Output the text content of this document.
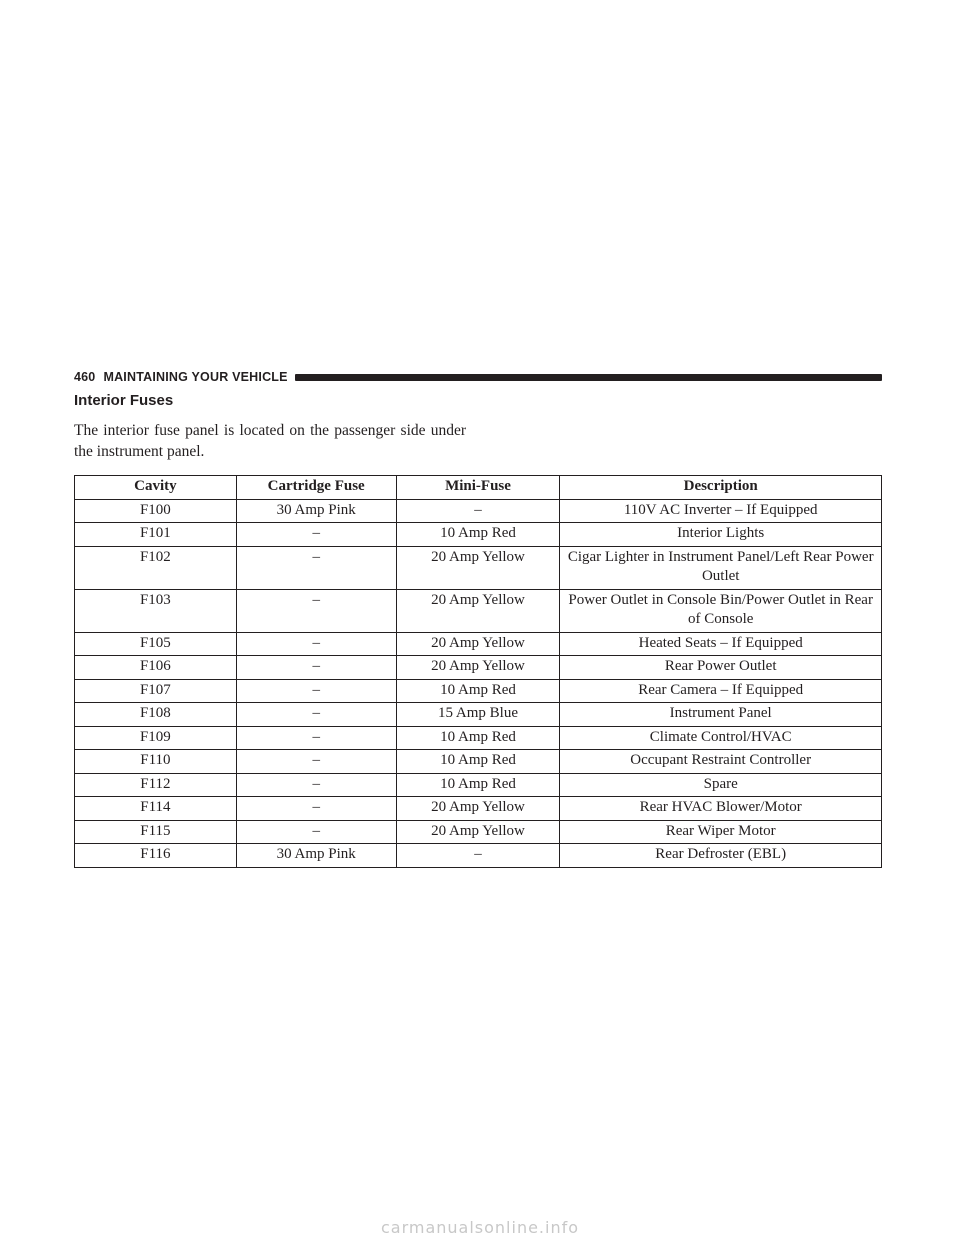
460 MAINTAINING YOUR VEHICLE
Interior Fuses

The interior fuse panel is located on the passenger side under the instrument panel.

Cavity	Cartridge Fuse	Mini-Fuse	Description
F100	30 Amp Pink	–	110V AC Inverter – If Equipped
F101	–	10 Amp Red	Interior Lights
F102	–	20 Amp Yellow	Cigar Lighter in Instrument Panel/Left Rear Power Outlet
F103	–	20 Amp Yellow	Power Outlet in Console Bin/Power Outlet in Rear of Console
F105	–	20 Amp Yellow	Heated Seats – If Equipped
F106	–	20 Amp Yellow	Rear Power Outlet
F107	–	10 Amp Red	Rear Camera – If Equipped
F108	–	15 Amp Blue	Instrument Panel
F109	–	10 Amp Red	Climate Control/HVAC
F110	–	10 Amp Red	Occupant Restraint Controller
F112	–	10 Amp Red	Spare
F114	–	20 Amp Yellow	Rear HVAC Blower/Motor
F115	–	20 Amp Yellow	Rear Wiper Motor
F116	30 Amp Pink	–	Rear Defroster (EBL)
carmanualsonline.info
